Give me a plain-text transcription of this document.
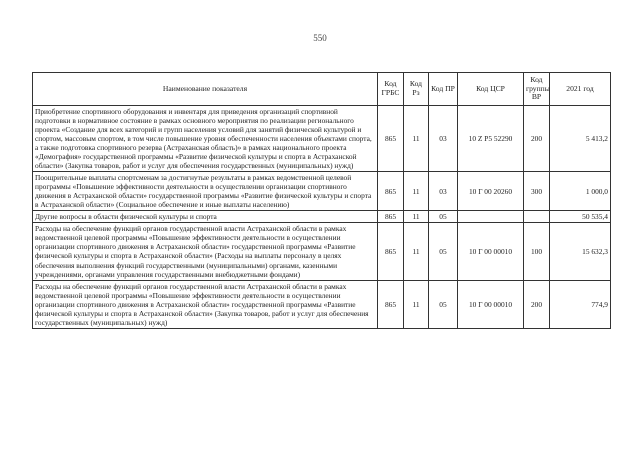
550
Наименование показателя	Код ГРБС	Код Рз	Код ПР	Код ЦСР	Код группы ВР	2021 год
Приобретение спортивного оборудования и инвентаря для приведения организаций спортивной подготовки в нормативное состояние в рамках основного мероприятия по реализации регионального проекта «Создание для всех категорий и групп населения условий для занятий физической культурой и спортом, массовым спортом, в том числе повышение уровня обеспеченности населения объектами спорта, а также подготовка спортивного резерва (Астраханская область)» в рамках национального проекта «Демография» государственной программы «Развитие физической культуры и спорта в Астраханской области» (Закупка товаров, работ и услуг для обеспечения государственных (муниципальных) нужд)	865	11	03	10 Z P5 52290	200	5 413,2
Поощрительные выплаты спортсменам за достигнутые результаты в рамках ведомственной целевой программы «Повышение эффективности деятельности в осуществлении организации спортивного движения в Астраханской области» государственной программы «Развитие физической культуры и спорта в Астраханской области» (Социальное обеспечение и иные выплаты населению)	865	11	03	10 Г 00 20260	300	1 000,0
Другие вопросы в области физической культуры и спорта	865	11	05			50 535,4
Расходы на обеспечение функций органов государственной власти Астраханской области в рамках ведомственной целевой программы «Повышение эффективности деятельности в осуществлении организации спортивного движения в Астраханской области» государственной программы «Развитие физической культуры и спорта в Астраханской области» (Расходы на выплаты персоналу в целях обеспечения выполнения функций государственными (муниципальными) органами, казенными учреждениями, органами управления государственными внебюджетными фондами)	865	11	05	10 Г 00 00010	100	15 632,3
Расходы на обеспечение функций органов государственной власти Астраханской области в рамках ведомственной целевой программы «Повышение эффективности деятельности в осуществлении организации спортивного движения в Астраханской области» государственной программы «Развитие физической культуры и спорта в Астраханской области» (Закупка товаров, работ и услуг для обеспечения государственных (муниципальных) нужд)	865	11	05	10 Г 00 00010	200	774,9
